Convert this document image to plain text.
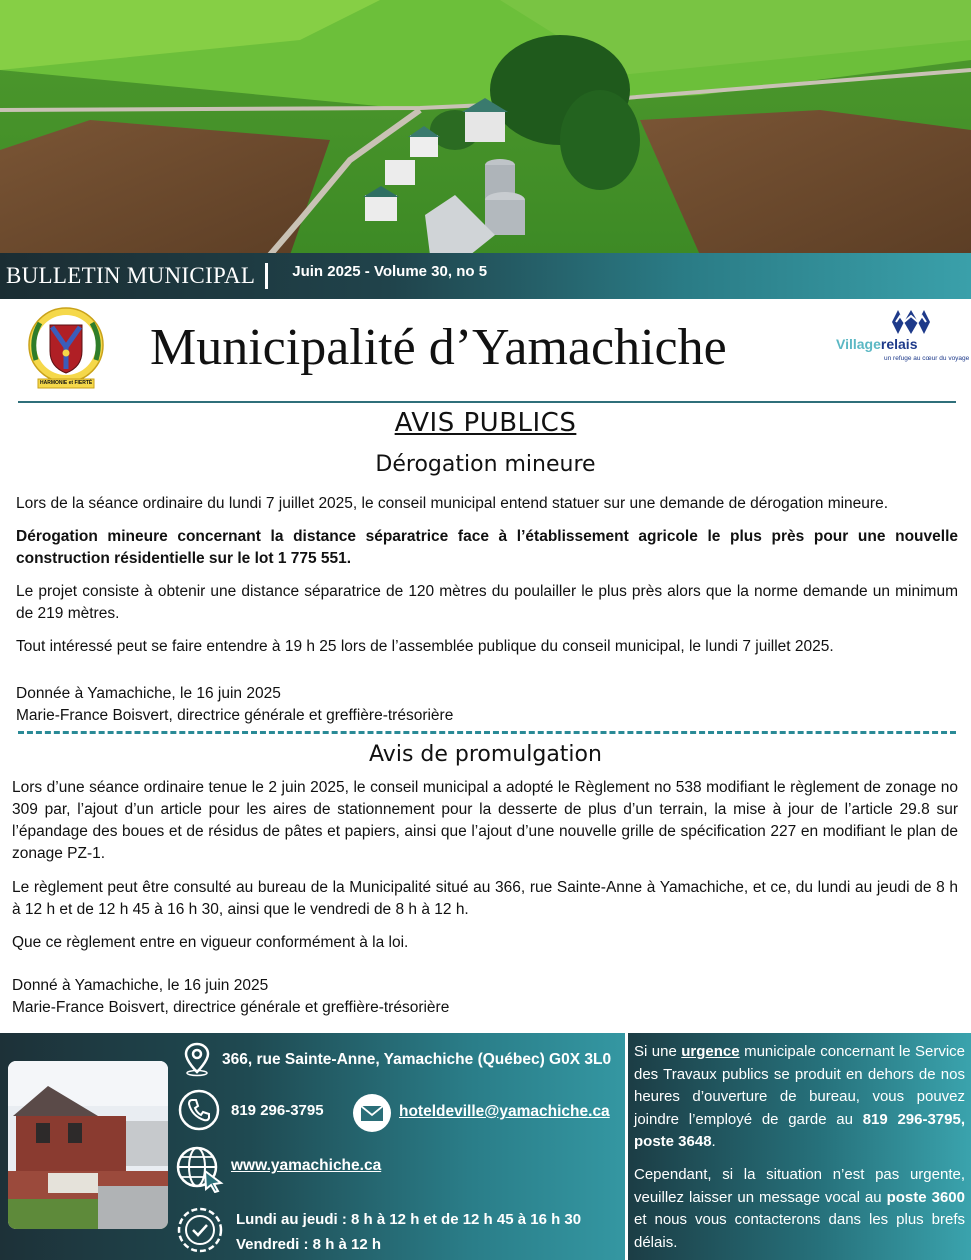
BULLETIN MUNICIPAL Juin 2025 - Volume 30, no 5
HARMONIE et FIERTÉ
Municipalité d’Yamachiche	Villagerelais
un refuge au cœur du voyage
AVIS PUBLICS
Dérogation mineure

Lors de la séance ordinaire du lundi 7 juillet 2025, le conseil municipal entend statuer sur une demande de dérogation mineure.

Dérogation mineure concernant la distance séparatrice face à l’établissement agricole le plus près pour une nouvelle construction résidentielle sur le lot 1 775 551.

Le projet consiste à obtenir une distance séparatrice de 120 mètres du poulailler le plus près alors que la norme demande un minimum de 219 mètres.

Tout intéressé peut se faire entendre à 19 h 25 lors de l’assemblée publique du conseil municipal, le lundi 7 juillet 2025.

Donnée à Yamachiche, le 16 juin 2025

Marie-France Boisvert, directrice générale et greffière-trésorière

Avis de promulgation

Lors d’une séance ordinaire tenue le 2 juin 2025, le conseil municipal a adopté le Règlement no 538 modifiant le règlement de zonage no 309 par, l’ajout d’un article pour les aires de stationnement pour la desserte de plus d’un terrain, la mise à jour de l’article 29.8 sur l’épandage des boues et de résidus de pâtes et papiers, ainsi que l’ajout d’une nouvelle grille de spécification 227 en modifiant le plan de zonage PZ-1.

Le règlement peut être consulté au bureau de la Municipalité situé au 366, rue Sainte-Anne à Yamachiche, et ce, du lundi au jeudi de 8 h à 12 h et de 12 h 45 à 16 h 30, ainsi que le vendredi de 8 h à 12 h.

Que ce règlement entre en vigueur conformément à la loi.

Donné à Yamachiche, le 16 juin 2025

Marie-France Boisvert, directrice générale et greffière-trésorière

366, rue Sainte-Anne, Yamachiche (Québec) G0X 3L0
819 296-3795	hoteldeville@yamachiche.ca
www.yamachiche.ca
Lundi au jeudi : 8 h à 12 h et de 12 h 45 à 16 h 30
Vendredi : 8 h à 12 h
Si une urgence municipale concernant le Service des Travaux publics se produit en dehors de nos heures d’ouverture de bureau, vous pouvez joindre l’employé de garde au 819 296-3795, poste 3648.
Cependant, si la situation n’est pas urgente, veuillez laisser un message vocal au poste 3600 et nous vous contacterons dans les plus brefs délais.
